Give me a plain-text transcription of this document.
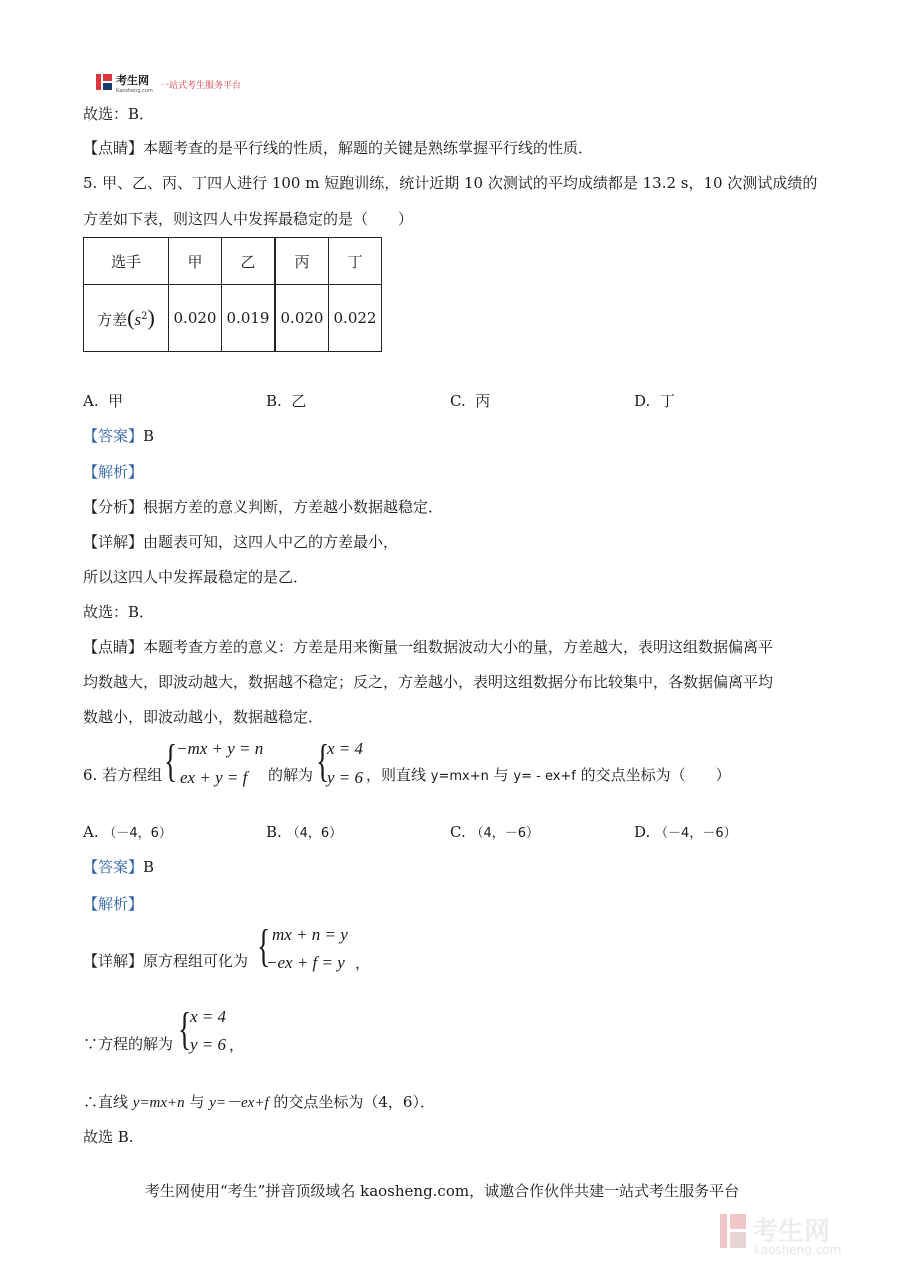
考生网
Kaosheng.com 一站式考生服务平台
故选：B．
【点睛】本题考查的是平行线的性质，解题的关键是熟练掌握平行线的性质．
5. 甲、乙、丙、丁四人进行 100 m 短跑训练，统计近期 10 次测试的平均成绩都是 13.2 s，10 次测试成绩的
方差如下表，则这四人中发挥最稳定的是（　　）
选手	甲	乙	丙	丁
方差$(s^2)$	0.020	0.019	0.020	0.022
A. 甲	B. 乙	C. 丙	D. 丁
【答案】B
【解析】
【分析】根据方差的意义判断，方差越小数据越稳定．
【详解】由题表可知，这四人中乙的方差最小，
所以这四人中发挥最稳定的是乙．
故选：B．
【点睛】本题考查方差的意义：方差是用来衡量一组数据波动大小的量，方差越大，表明这组数据偏离平
均数越大，即波动越大，数据越不稳定；反之，方差越小，表明这组数据分布比较集中，各数据偏离平均
数越小，即波动越小，数据越稳定．
6. 若方程组 {
−mx + y = n
ex + y = f 的解为 {
x = 4
y = 6 ，则直线 y=mx+n 与 y= - ex+f 的交点坐标为（　　）
A. （－4，6）	B. （4，6）	C. （4，－6）	D. （－4，－6）
【答案】B
【解析】
【详解】原方程组可化为 { mx + n = y
−ex + f = y ，
∵方程的解为 {
x = 4
y = 6 ，
∴直线 y=mx+n 与 y=－ex+f 的交点坐标为（4，6）．
故选 B.
考生网使用“考生”拼音顶级域名 kaosheng.com，诚邀合作伙伴共建一站式考生服务平台
考生网
kaosheng.com
